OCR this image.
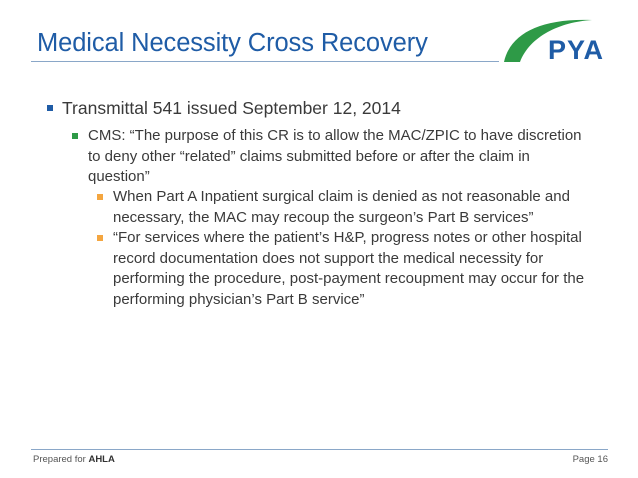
Medical Necessity Cross Recovery	PYA

Transmittal 541 issued September 12, 2014

CMS: “The purpose of this CR is to allow the MAC/ZPIC to have discretion to deny other “related” claims submitted before or after the claim in question”

When Part A Inpatient surgical claim is denied as not reasonable and necessary, the MAC may recoup the surgeon’s Part B services”

“For services where the patient’s H&P, progress notes or other hospital record documentation does not support the medical necessity for performing the procedure, post-payment recoupment may occur for the performing physician’s Part B service”

Prepared for AHLA	Page 16
